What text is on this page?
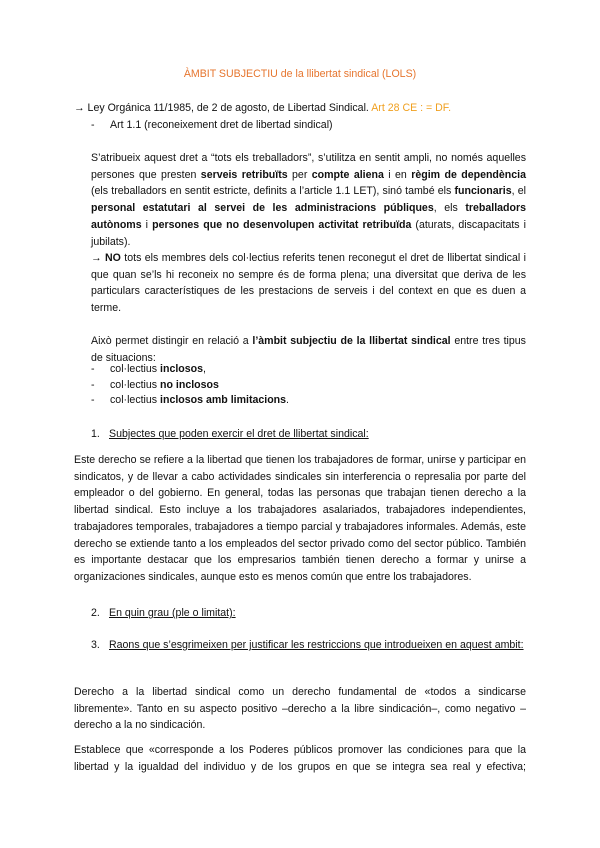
ÀMBIT SUBJECTIU de la llibertat sindical (LOLS)
→ Ley Orgánica 11/1985, de 2 de agosto, de Libertad Sindical. Art 28 CE : = DF.
- Art 1.1 (reconeixement dret de libertad sindical)
S’atribueix aquest dret a “tots els treballadors”, s’utilitza en sentit ampli, no només aquelles persones que presten serveis retribuïts per compte aliena i en règim de dependència (els treballadors en sentit estricte, definits a l’article 1.1 LET), sinó també els funcionaris, el personal estatutari al servei de les administracions públiques, els treballadors autònoms i persones que no desenvolupen activitat retribuïda (aturats, discapacitats i jubilats).
→ NO tots els membres dels col·lectius referits tenen reconegut el dret de llibertat sindical i que quan se’ls hi reconeix no sempre és de forma plena; una diversitat que deriva de les particulars característiques de les prestacions de serveis i del context en que es duen a terme.
Això permet distingir en relació a l’àmbit subjectiu de la llibertat sindical entre tres tipus de situacions:
- col·lectius inclosos,
- col·lectius no inclosos
- col·lectius inclosos amb limitacions.
1. Subjectes que poden exercir el dret de llibertat sindical:
Este derecho se refiere a la libertad que tienen los trabajadores de formar, unirse y participar en sindicatos, y de llevar a cabo actividades sindicales sin interferencia o represalia por parte del empleador o del gobierno. En general, todas las personas que trabajan tienen derecho a la libertad sindical. Esto incluye a los trabajadores asalariados, trabajadores independientes, trabajadores temporales, trabajadores a tiempo parcial y trabajadores informales. Además, este derecho se extiende tanto a los empleados del sector privado como del sector público. También es importante destacar que los empresarios también tienen derecho a formar y unirse a organizaciones sindicales, aunque esto es menos común que entre los trabajadores.
2. En quin grau (ple o limitat):
3. Raons que s’esgrimeixen per justificar les restriccions que introdueixen en aquest ambit:
Derecho a la libertad sindical como un derecho fundamental de «todos a sindicarse libremente». Tanto en su aspecto positivo –derecho a la libre sindicación–, como negativo –derecho a la no sindicación.
Establece que «corresponde a los Poderes públicos promover las condiciones para que la libertad y la igualdad del individuo y de los grupos en que se integra sea real y efectiva;
